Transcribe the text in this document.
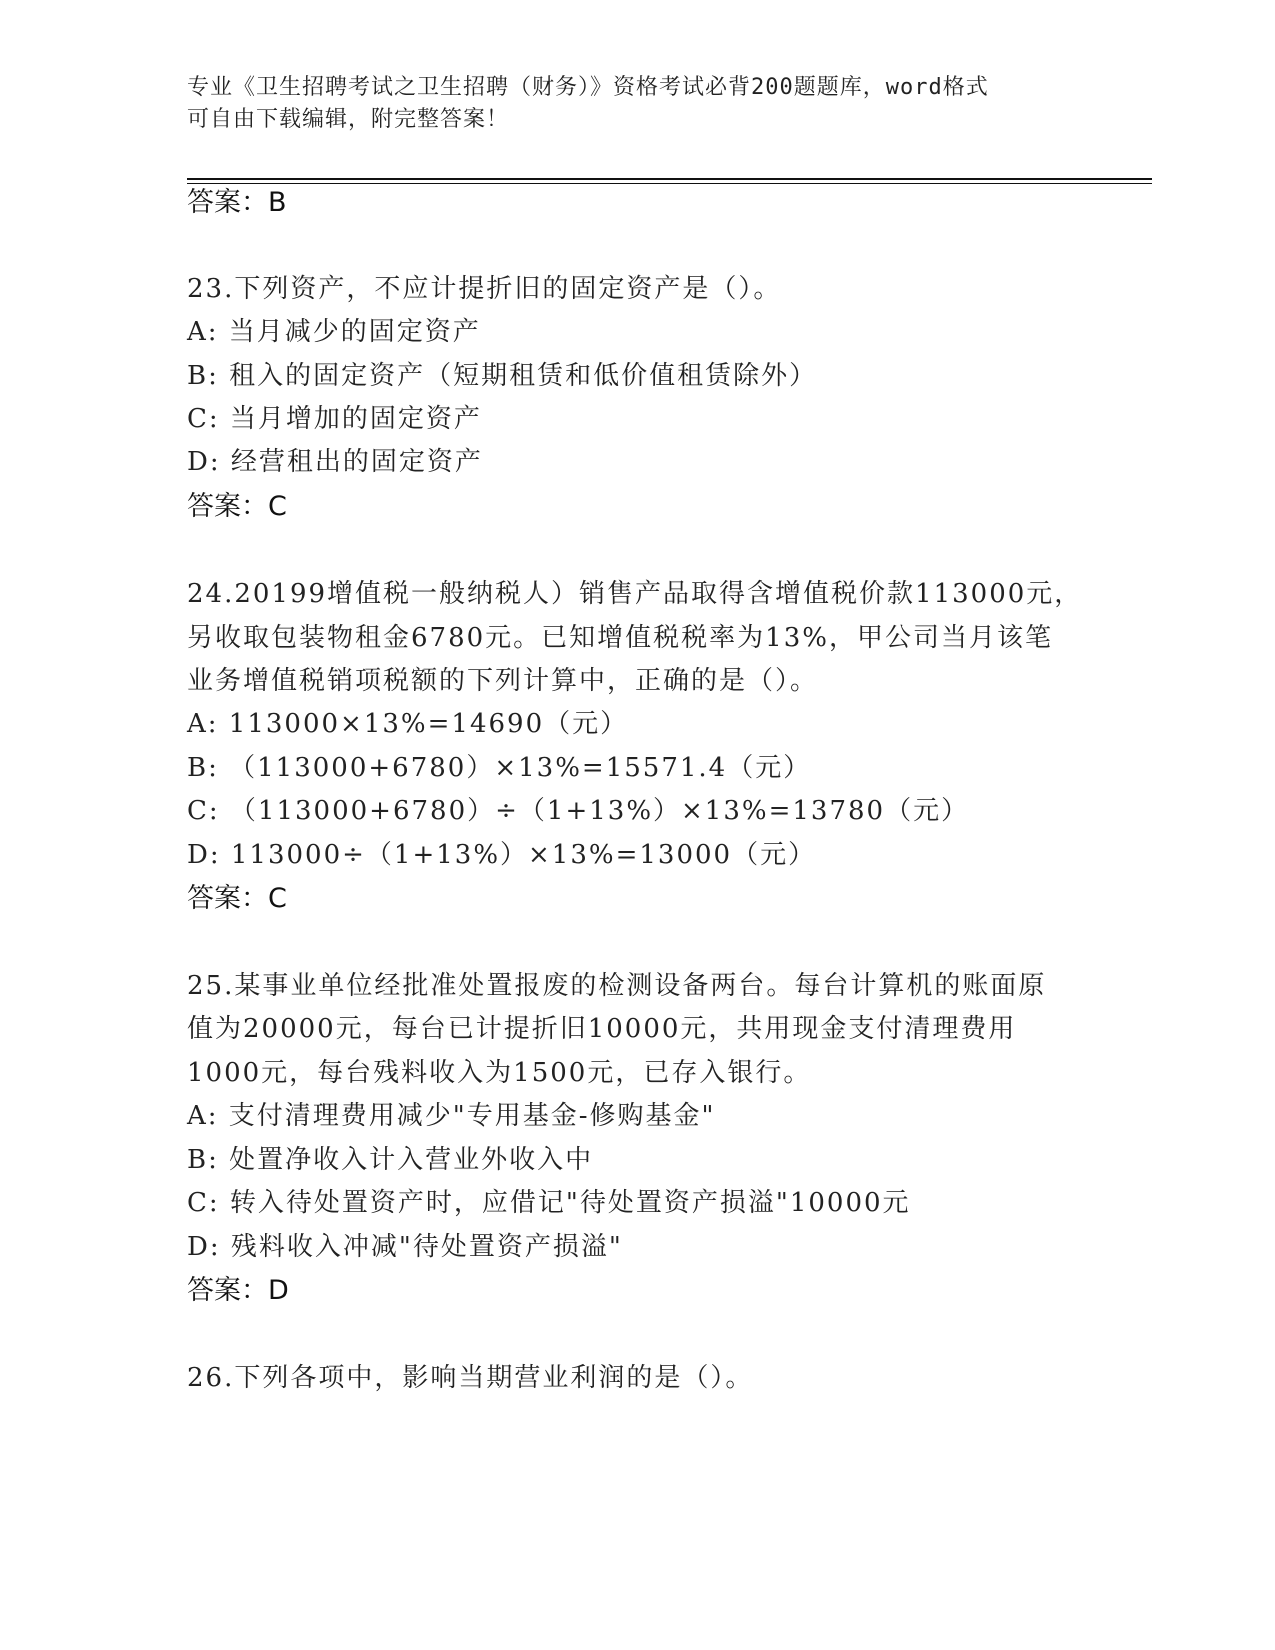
专业《卫生招聘考试之卫生招聘（财务）》资格考试必背200题题库，word格式
可自由下载编辑，附完整答案！
答案：B
23.下列资产，不应计提折旧的固定资产是（）。
A: 当月减少的固定资产
B: 租入的固定资产（短期租赁和低价值租赁除外）
C: 当月增加的固定资产
D: 经营租出的固定资产
答案：C
24.20199增值税一般纳税人）销售产品取得含增值税价款113000元，
另收取包装物租金6780元。已知增值税税率为13%，甲公司当月该笔
业务增值税销项税额的下列计算中，正确的是（）。
A: 113000×13%=14690（元）
B: （113000+6780）×13%=15571.4（元）
C: （113000+6780）÷（1+13%）×13%=13780（元）
D: 113000÷（1+13%）×13%=13000（元）
答案：C
25.某事业单位经批准处置报废的检测设备两台。每台计算机的账面原
值为20000元，每台已计提折旧10000元，共用现金支付清理费用
1000元，每台残料收入为1500元，已存入银行。
A: 支付清理费用减少"专用基金-修购基金"
B: 处置净收入计入营业外收入中
C: 转入待处置资产时，应借记"待处置资产损溢"10000元
D: 残料收入冲减"待处置资产损溢"
答案：D
26.下列各项中，影响当期营业利润的是（）。
